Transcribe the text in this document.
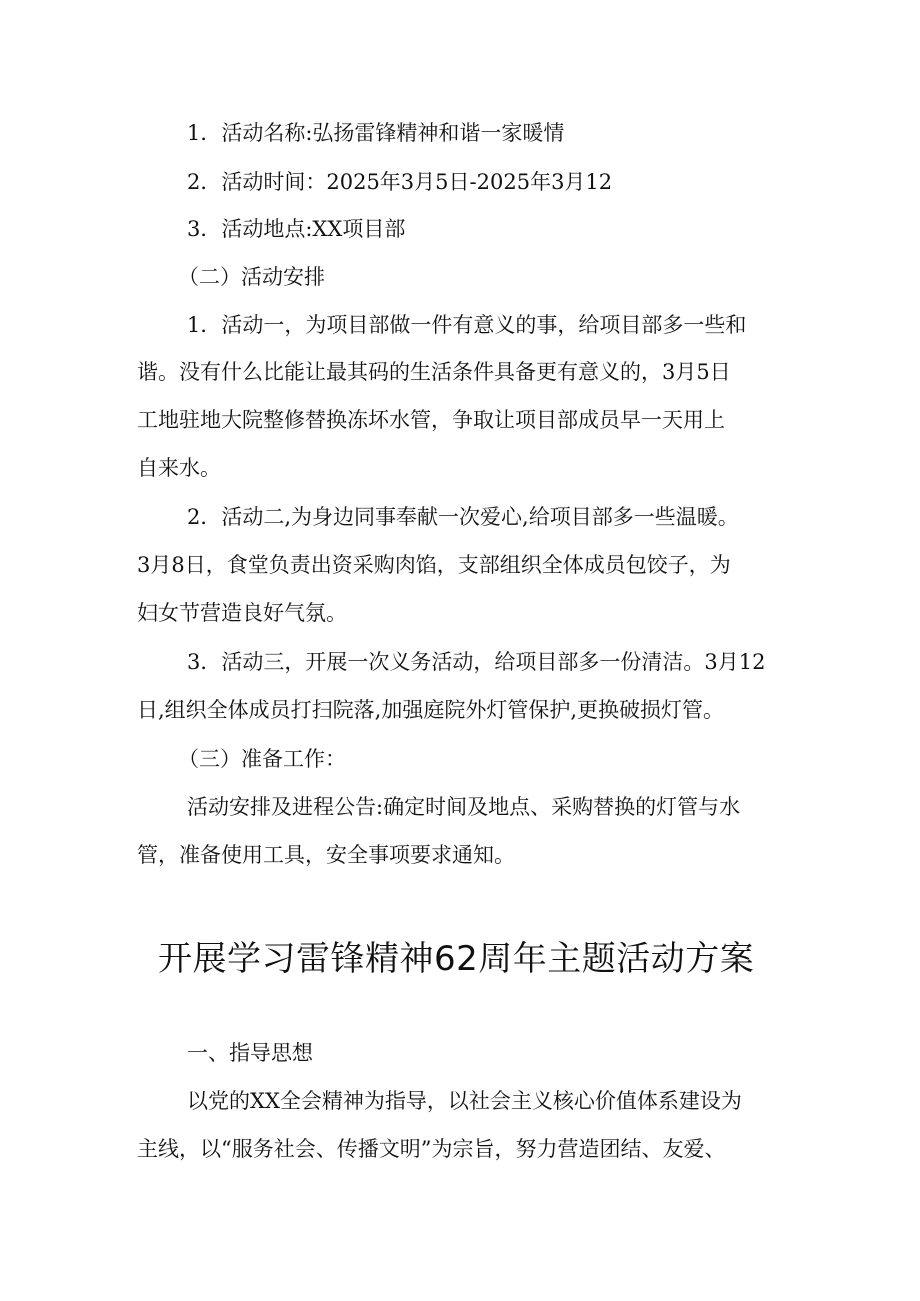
1．活动名称:弘扬雷锋精神和谐一家暖情

2．活动时间：2025年3月5日-2025年3月12

3．活动地点:XX项目部

（二）活动安排

1．活动一，为项目部做一件有意义的事，给项目部多一些和

谐。没有什么比能让最其码的生活条件具备更有意义的，3月5日

工地驻地大院整修替换冻坏水管，争取让项目部成员早一天用上

自来水。

2．活动二,为身边同事奉献一次爱心,给项目部多一些温暖。

3月8日，食堂负责出资采购肉馅，支部组织全体成员包饺子，为

妇女节营造良好气氛。

3．活动三，开展一次义务活动，给项目部多一份清洁。3月12

日,组织全体成员打扫院落,加强庭院外灯管保护,更换破损灯管。

（三）准备工作：

活动安排及进程公告:确定时间及地点、采购替换的灯管与水

管，准备使用工具，安全事项要求通知。

开展学习雷锋精神62周年主题活动方案

一、指导思想

以党的XX全会精神为指导，以社会主义核心价值体系建设为

主线，以“服务社会、传播文明”为宗旨，努力营造团结、友爱、
